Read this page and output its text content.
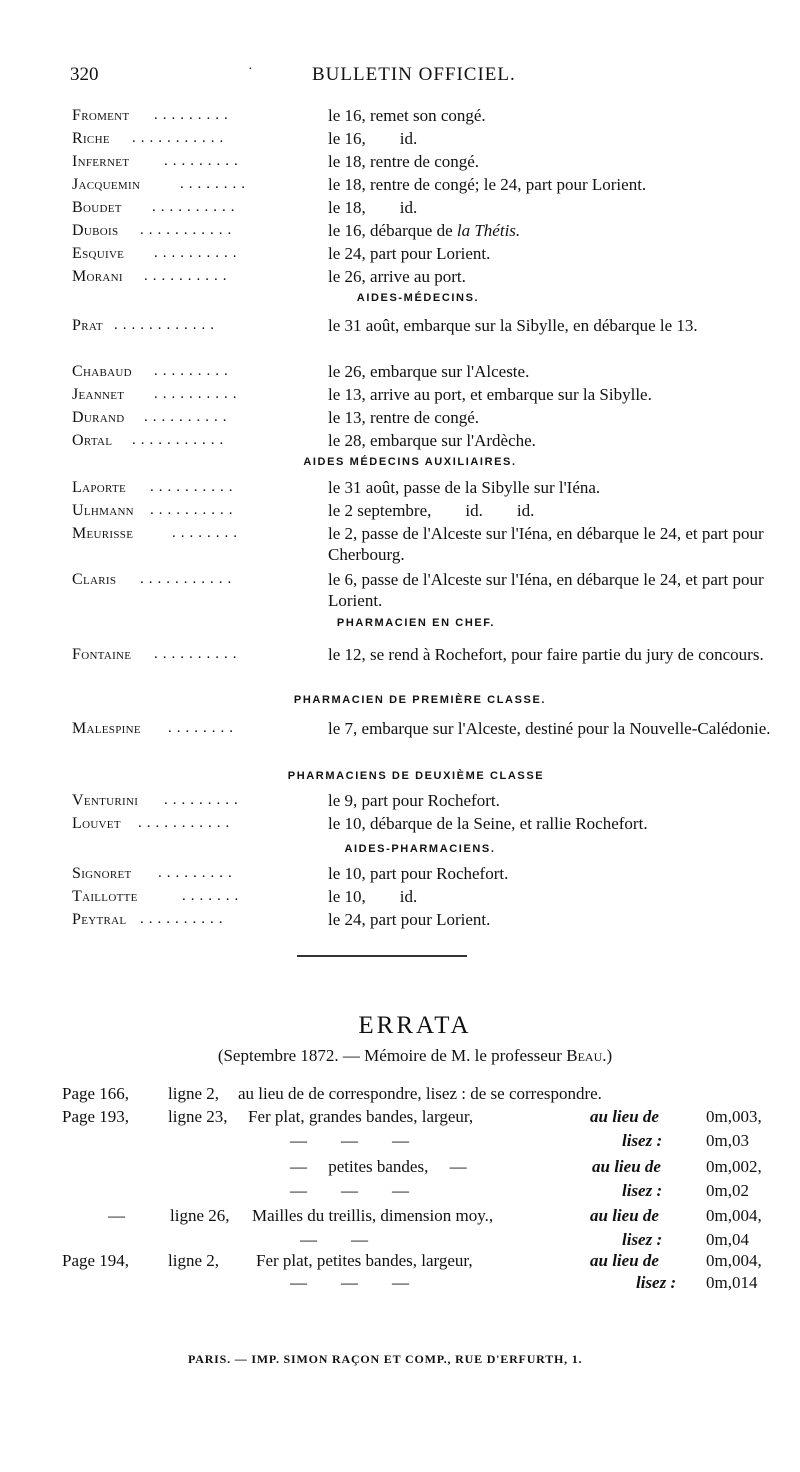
320	·	BULLETIN OFFICIEL.
Froment .........	le 16, remet son congé.
Riche ...........	le 16,        id.
Infernet .........	le 18, rentre de congé.
Jacquemin	........	le 18, rentre de congé; le 24, part pour Lorient.
Boudet ..........	le 18,        id.
Dubois ...........	le 16, débarque de la Thétis.
Esquive ..........	le 24, part pour Lorient.
Morani ..........	le 26, arrive au port.
AIDES-MÉDECINS.
Prat ............	le 31 août, embarque sur la Sibylle, en débarque le 13.
Chabaud .........	le 26, embarque sur l'Alceste.
Jeannet ..........	le 13, arrive au port, et embarque sur la Sibylle.
Durand ..........	le 13, rentre de congé.
Ortal ...........	le 28, embarque sur l'Ardèche.
AIDES MÉDECINS AUXILIAIRES.
Laporte ..........	le 31 août, passe de la Sibylle sur l'Iéna.
Ulhmann ..........	le 2 septembre,        id.        id.
Meurisse	........	le 2, passe de l'Alceste sur l'Iéna, en débarque le 24, et part pour Cherbourg.
Claris ...........	le 6, passe de l'Alceste sur l'Iéna, en débarque le 24, et part pour Lorient.
PHARMACIEN EN CHEF.
Fontaine ..........	le 12, se rend à Rochefort, pour faire partie du jury de concours.
PHARMACIEN DE PREMIÈRE CLASSE.
Malespine ........	le 7, embarque sur l'Alceste, destiné pour la Nouvelle-Calédonie.
PHARMACIENS DE DEUXIÈME CLASSE
Venturini .........	le 9, part pour Rochefort.
Louvet ...........	le 10, débarque de la Seine, et rallie Rochefort.
AIDES-PHARMACIENS.
Signoret .........	le 10, part pour Rochefort.
Taillotte	.......	le 10,        id.
Peytral ..........	le 24, part pour Lorient.
ERRATA
(Septembre 1872. — Mémoire de M. le professeur Beau.)
Page 166, ligne 2, au lieu de de correspondre, lisez : de se correspondre.
Page 193, ligne 23, Fer plat, grandes bandes, largeur,	au lieu de	0m,003,
—        —        —	lisez :	0m,03
—     petites bandes,     —	au lieu de	0m,002,
—        —        —	lisez :	0m,02
—	ligne 26, Mailles du treillis, dimension moy.,	au lieu de	0m,004,
—        —	lisez :	0m,04
Page 194, ligne 2, Fer plat, petites bandes, largeur,	au lieu de	0m,004,
—        —        —	lisez : 0m,014
PARIS. — IMP. SIMON RAÇON ET COMP., RUE D'ERFURTH, 1.
